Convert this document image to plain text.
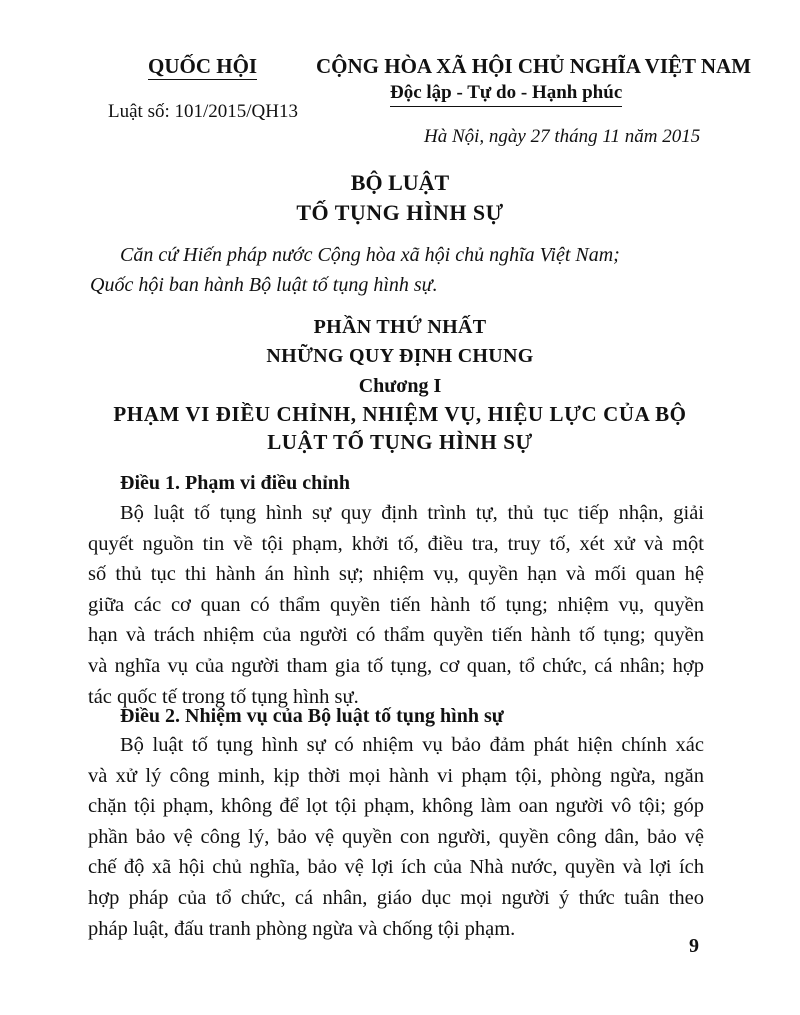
QUỐC HỘI
Luật số: 101/2015/QH13
CỘNG HÒA XÃ HỘI CHỦ NGHĨA VIỆT NAM
Độc lập - Tự do - Hạnh phúc
Hà Nội, ngày 27 tháng 11 năm 2015
BỘ LUẬT
TỐ TỤNG HÌNH SỰ
Căn cứ Hiến pháp nước Cộng hòa xã hội chủ nghĩa Việt Nam;
Quốc hội ban hành Bộ luật tố tụng hình sự.
PHẦN THỨ NHẤT
NHỮNG QUY ĐỊNH CHUNG
Chương I
PHẠM VI ĐIỀU CHỈNH, NHIỆM VỤ, HIỆU LỰC CỦA BỘ
LUẬT TỐ TỤNG HÌNH SỰ
Điều 1. Phạm vi điều chỉnh
Bộ luật tố tụng hình sự quy định trình tự, thủ tục tiếp nhận, giải
quyết nguồn tin về tội phạm, khởi tố, điều tra, truy tố, xét xử và một
số thủ tục thi hành án hình sự; nhiệm vụ, quyền hạn và mối quan hệ
giữa các cơ quan có thẩm quyền tiến hành tố tụng; nhiệm vụ, quyền
hạn và trách nhiệm của người có thẩm quyền tiến hành tố tụng; quyền
và nghĩa vụ của người tham gia tố tụng, cơ quan, tổ chức, cá nhân; hợp
tác quốc tế trong tố tụng hình sự.
Điều 2. Nhiệm vụ của Bộ luật tố tụng hình sự
Bộ luật tố tụng hình sự có nhiệm vụ bảo đảm phát hiện chính xác
và xử lý công minh, kịp thời mọi hành vi phạm tội, phòng ngừa, ngăn
chặn tội phạm, không để lọt tội phạm, không làm oan người vô tội; góp
phần bảo vệ công lý, bảo vệ quyền con người, quyền công dân, bảo vệ
chế độ xã hội chủ nghĩa, bảo vệ lợi ích của Nhà nước, quyền và lợi ích
hợp pháp của tổ chức, cá nhân, giáo dục mọi người ý thức tuân theo
pháp luật, đấu tranh phòng ngừa và chống tội phạm.
9
